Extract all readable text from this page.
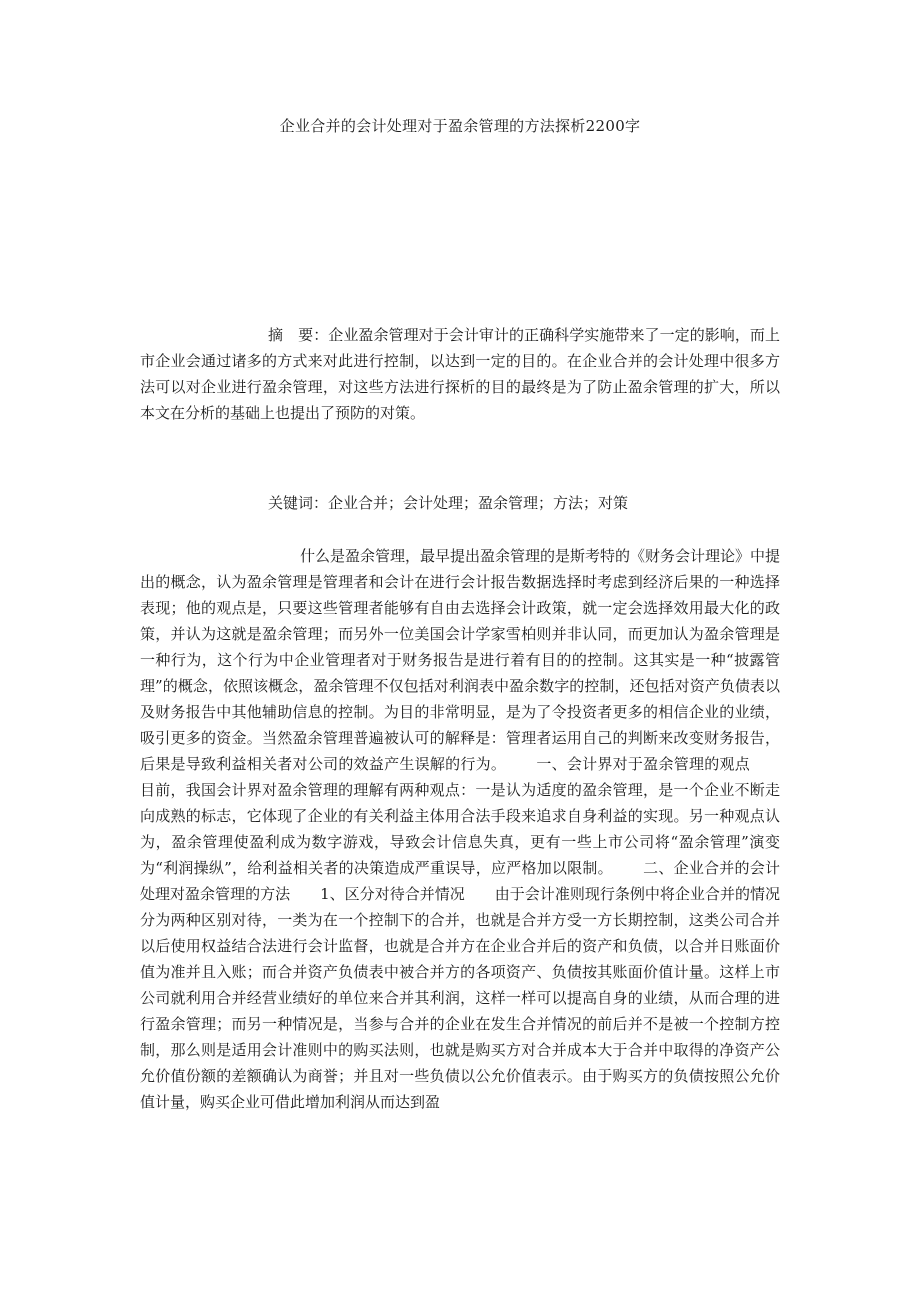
企业合并的会计处理对于盈余管理的方法探析2200字

摘　要：企业盈余管理对于会计审计的正确科学实施带来了一定的影响，而上市企业会通过诸多的方式来对此进行控制，以达到一定的目的。在企业合并的会计处理中很多方法可以对企业进行盈余管理，对这些方法进行探析的目的最终是为了防止盈余管理的扩大，所以本文在分析的基础上也提出了预防的对策。

关键词：企业合并；会计处理；盈余管理；方法；对策

什么是盈余管理，最早提出盈余管理的是斯考特的《财务会计理论》中提出的概念，认为盈余管理是管理者和会计在进行会计报告数据选择时考虑到经济后果的一种选择表现；他的观点是，只要这些管理者能够有自由去选择会计政策，就一定会选择效用最大化的政策，并认为这就是盈余管理；而另外一位美国会计学家雪柏则并非认同，而更加认为盈余管理是一种行为，这个行为中企业管理者对于财务报告是进行着有目的的控制。这其实是一种“披露管理”的概念，依照该概念，盈余管理不仅包括对利润表中盈余数字的控制，还包括对资产负债表以及财务报告中其他辅助信息的控制。为目的非常明显，是为了令投资者更多的相信企业的业绩，吸引更多的资金。当然盈余管理普遍被认可的解释是：管理者运用自己的判断来改变财务报告，后果是导致利益相关者对公司的效益产生误解的行为。 一、会计界对于盈余管理的观点目前，我国会计界对盈余管理的理解有两种观点：一是认为适度的盈余管理，是一个企业不断走向成熟的标志，它体现了企业的有关利益主体用合法手段来追求自身利益的实现。另一种观点认为，盈余管理使盈利成为数字游戏，导致会计信息失真，更有一些上市公司将“盈余管理”演变为“利润操纵”，给利益相关者的决策造成严重误导，应严格加以限制。 二、企业合并的会计处理对盈余管理的方法 1、区分对待合并情况 由于会计准则现行条例中将企业合并的情况分为两种区别对待，一类为在一个控制下的合并，也就是合并方受一方长期控制，这类公司合并以后使用权益结合法进行会计监督，也就是合并方在企业合并后的资产和负债，以合并日账面价值为准并且入账；而合并资产负债表中被合并方的各项资产、负债按其账面价值计量。这样上市公司就利用合并经营业绩好的单位来合并其利润，这样一样可以提高自身的业绩，从而合理的进行盈余管理；而另一种情况是，当参与合并的企业在发生合并情况的前后并不是被一个控制方控制，那么则是适用会计准则中的购买法则，也就是购买方对合并成本大于合并中取得的净资产公允价值份额的差额确认为商誉；并且对一些负债以公允价值表示。由于购买方的负债按照公允价值计量，购买企业可借此增加利润从而达到盈
